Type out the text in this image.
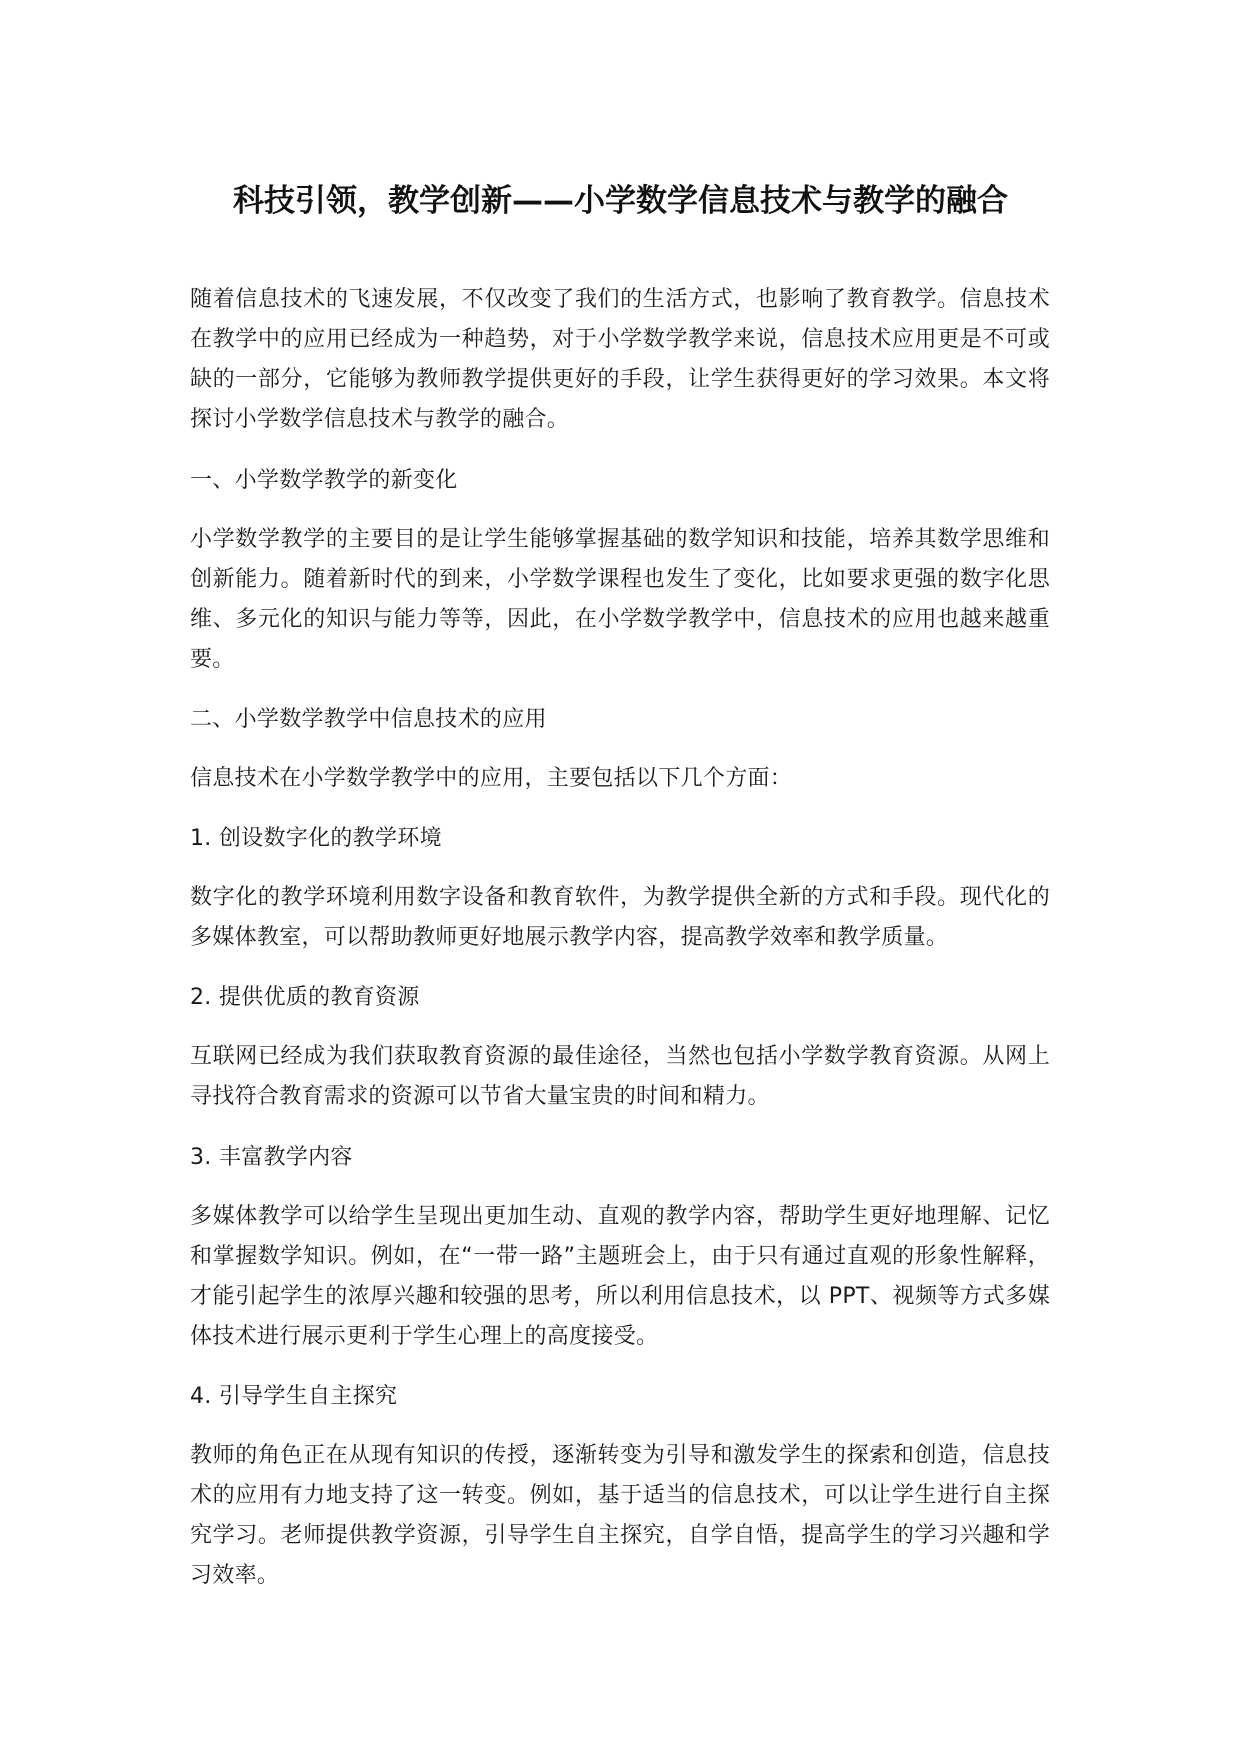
科技引领，教学创新——小学数学信息技术与教学的融合

随着信息技术的飞速发展，不仅改变了我们的生活方式，也影响了教育教学。信息技术在教学中的应用已经成为一种趋势，对于小学数学教学来说，信息技术应用更是不可或缺的一部分，它能够为教师教学提供更好的手段，让学生获得更好的学习效果。本文将探讨小学数学信息技术与教学的融合。

一、小学数学教学的新变化

小学数学教学的主要目的是让学生能够掌握基础的数学知识和技能，培养其数学思维和创新能力。随着新时代的到来，小学数学课程也发生了变化，比如要求更强的数字化思维、多元化的知识与能力等等，因此，在小学数学教学中，信息技术的应用也越来越重要。

二、小学数学教学中信息技术的应用

信息技术在小学数学教学中的应用，主要包括以下几个方面：

1. 创设数字化的教学环境

数字化的教学环境利用数字设备和教育软件，为教学提供全新的方式和手段。现代化的多媒体教室，可以帮助教师更好地展示教学内容，提高教学效率和教学质量。

2. 提供优质的教育资源

互联网已经成为我们获取教育资源的最佳途径，当然也包括小学数学教育资源。从网上寻找符合教育需求的资源可以节省大量宝贵的时间和精力。

3. 丰富教学内容

多媒体教学可以给学生呈现出更加生动、直观的教学内容，帮助学生更好地理解、记忆和掌握数学知识。例如，在“一带一路”主题班会上，由于只有通过直观的形象性解释，才能引起学生的浓厚兴趣和较强的思考，所以利用信息技术，以 PPT、视频等方式多媒体技术进行展示更利于学生心理上的高度接受。

4. 引导学生自主探究

教师的角色正在从现有知识的传授，逐渐转变为引导和激发学生的探索和创造，信息技术的应用有力地支持了这一转变。例如，基于适当的信息技术，可以让学生进行自主探究学习。老师提供教学资源，引导学生自主探究，自学自悟，提高学生的学习兴趣和学习效率。
